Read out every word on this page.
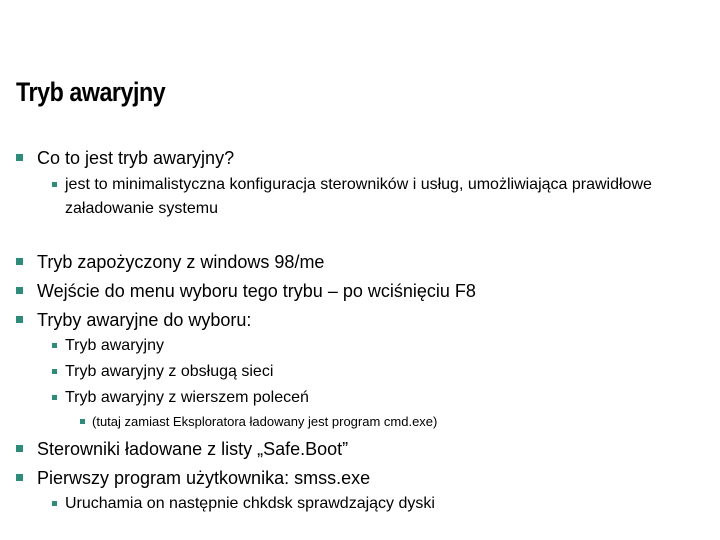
Tryb awaryjny
Co to jest tryb awaryjny?
jest to minimalistyczna konfiguracja sterowników i usług, umożliwiająca prawidłowe załadowanie systemu
Tryb zapożyczony z windows 98/me
Wejście do menu wyboru tego trybu – po wciśnięciu F8
Tryby awaryjne do wyboru:
Tryb awaryjny
Tryb awaryjny z obsługą sieci
Tryb awaryjny z wierszem poleceń
(tutaj zamiast Eksploratora ładowany jest program cmd.exe)
Sterowniki ładowane z listy „Safe.Boot”
Pierwszy program użytkownika: smss.exe
Uruchamia on następnie chkdsk sprawdzający dyski
